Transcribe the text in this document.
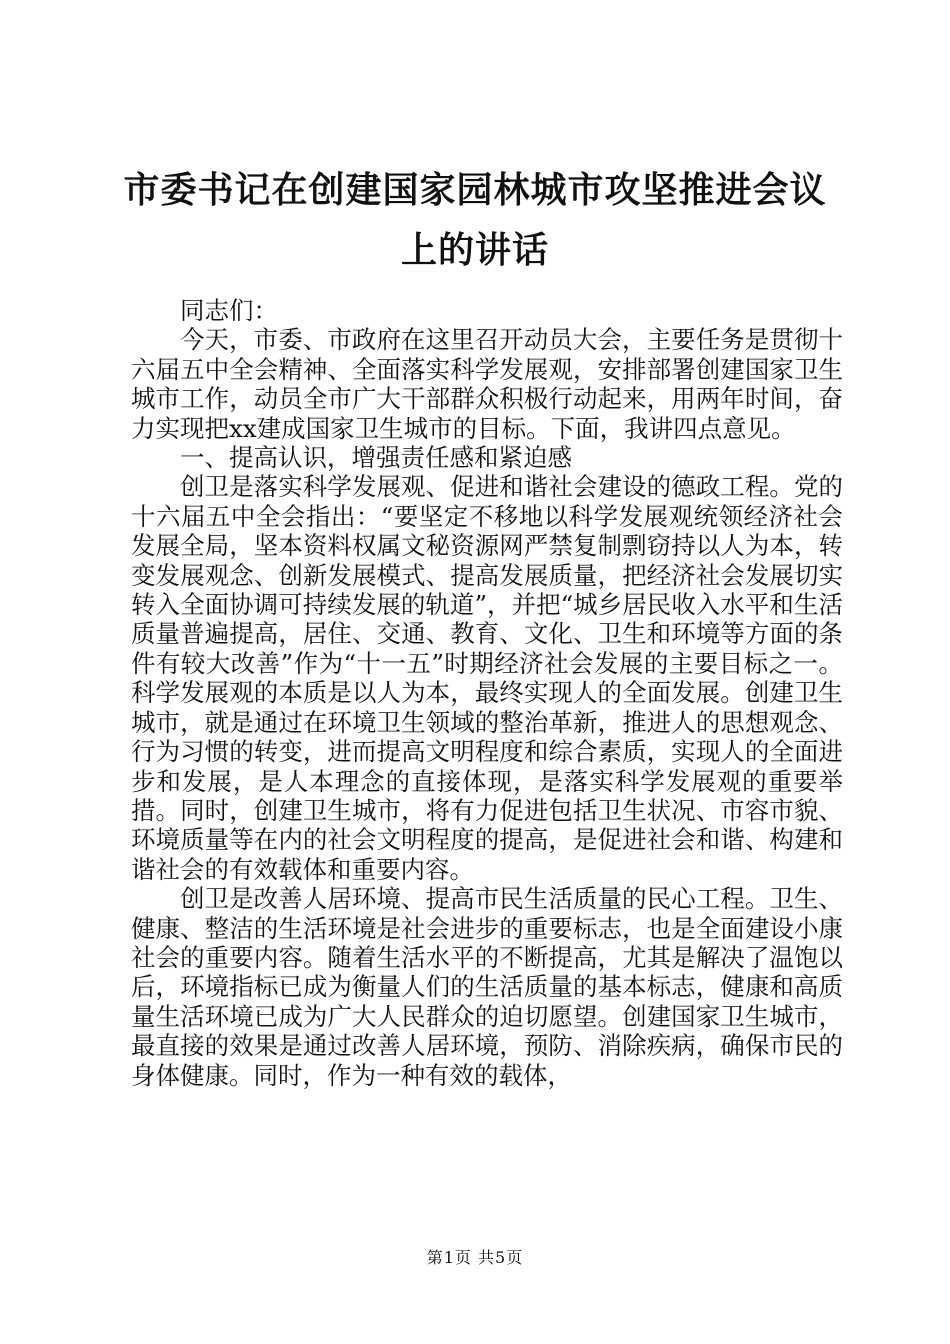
市委书记在创建国家园林城市攻坚推进会议上的讲话

同志们：

今天，市委、市政府在这里召开动员大会，主要任务是贯彻十六届五中全会精神、全面落实科学发展观，安排部署创建国家卫生城市工作，动员全市广大干部群众积极行动起来，用两年时间，奋力实现把xx建成国家卫生城市的目标。下面，我讲四点意见。

一、提高认识，增强责任感和紧迫感

创卫是落实科学发展观、促进和谐社会建设的德政工程。党的十六届五中全会指出：“要坚定不移地以科学发展观统领经济社会发展全局，坚本资料权属文秘资源网严禁复制剽窃持以人为本，转变发展观念、创新发展模式、提高发展质量，把经济社会发展切实转入全面协调可持续发展的轨道”，并把“城乡居民收入水平和生活质量普遍提高，居住、交通、教育、文化、卫生和环境等方面的条件有较大改善”作为“十一五”时期经济社会发展的主要目标之一。科学发展观的本质是以人为本，最终实现人的全面发展。创建卫生城市，就是通过在环境卫生领域的整治革新，推进人的思想观念、行为习惯的转变，进而提高文明程度和综合素质，实现人的全面进步和发展，是人本理念的直接体现，是落实科学发展观的重要举措。同时，创建卫生城市，将有力促进包括卫生状况、市容市貌、环境质量等在内的社会文明程度的提高，是促进社会和谐、构建和谐社会的有效载体和重要内容。

创卫是改善人居环境、提高市民生活质量的民心工程。卫生、健康、整洁的生活环境是社会进步的重要标志，也是全面建设小康社会的重要内容。随着生活水平的不断提高，尤其是解决了温饱以后，环境指标已成为衡量人们的生活质量的基本标志，健康和高质量生活环境已成为广大人民群众的迫切愿望。创建国家卫生城市，最直接的效果是通过改善人居环境，预防、消除疾病，确保市民的身体健康。同时，作为一种有效的载体，

第1页 共5页
